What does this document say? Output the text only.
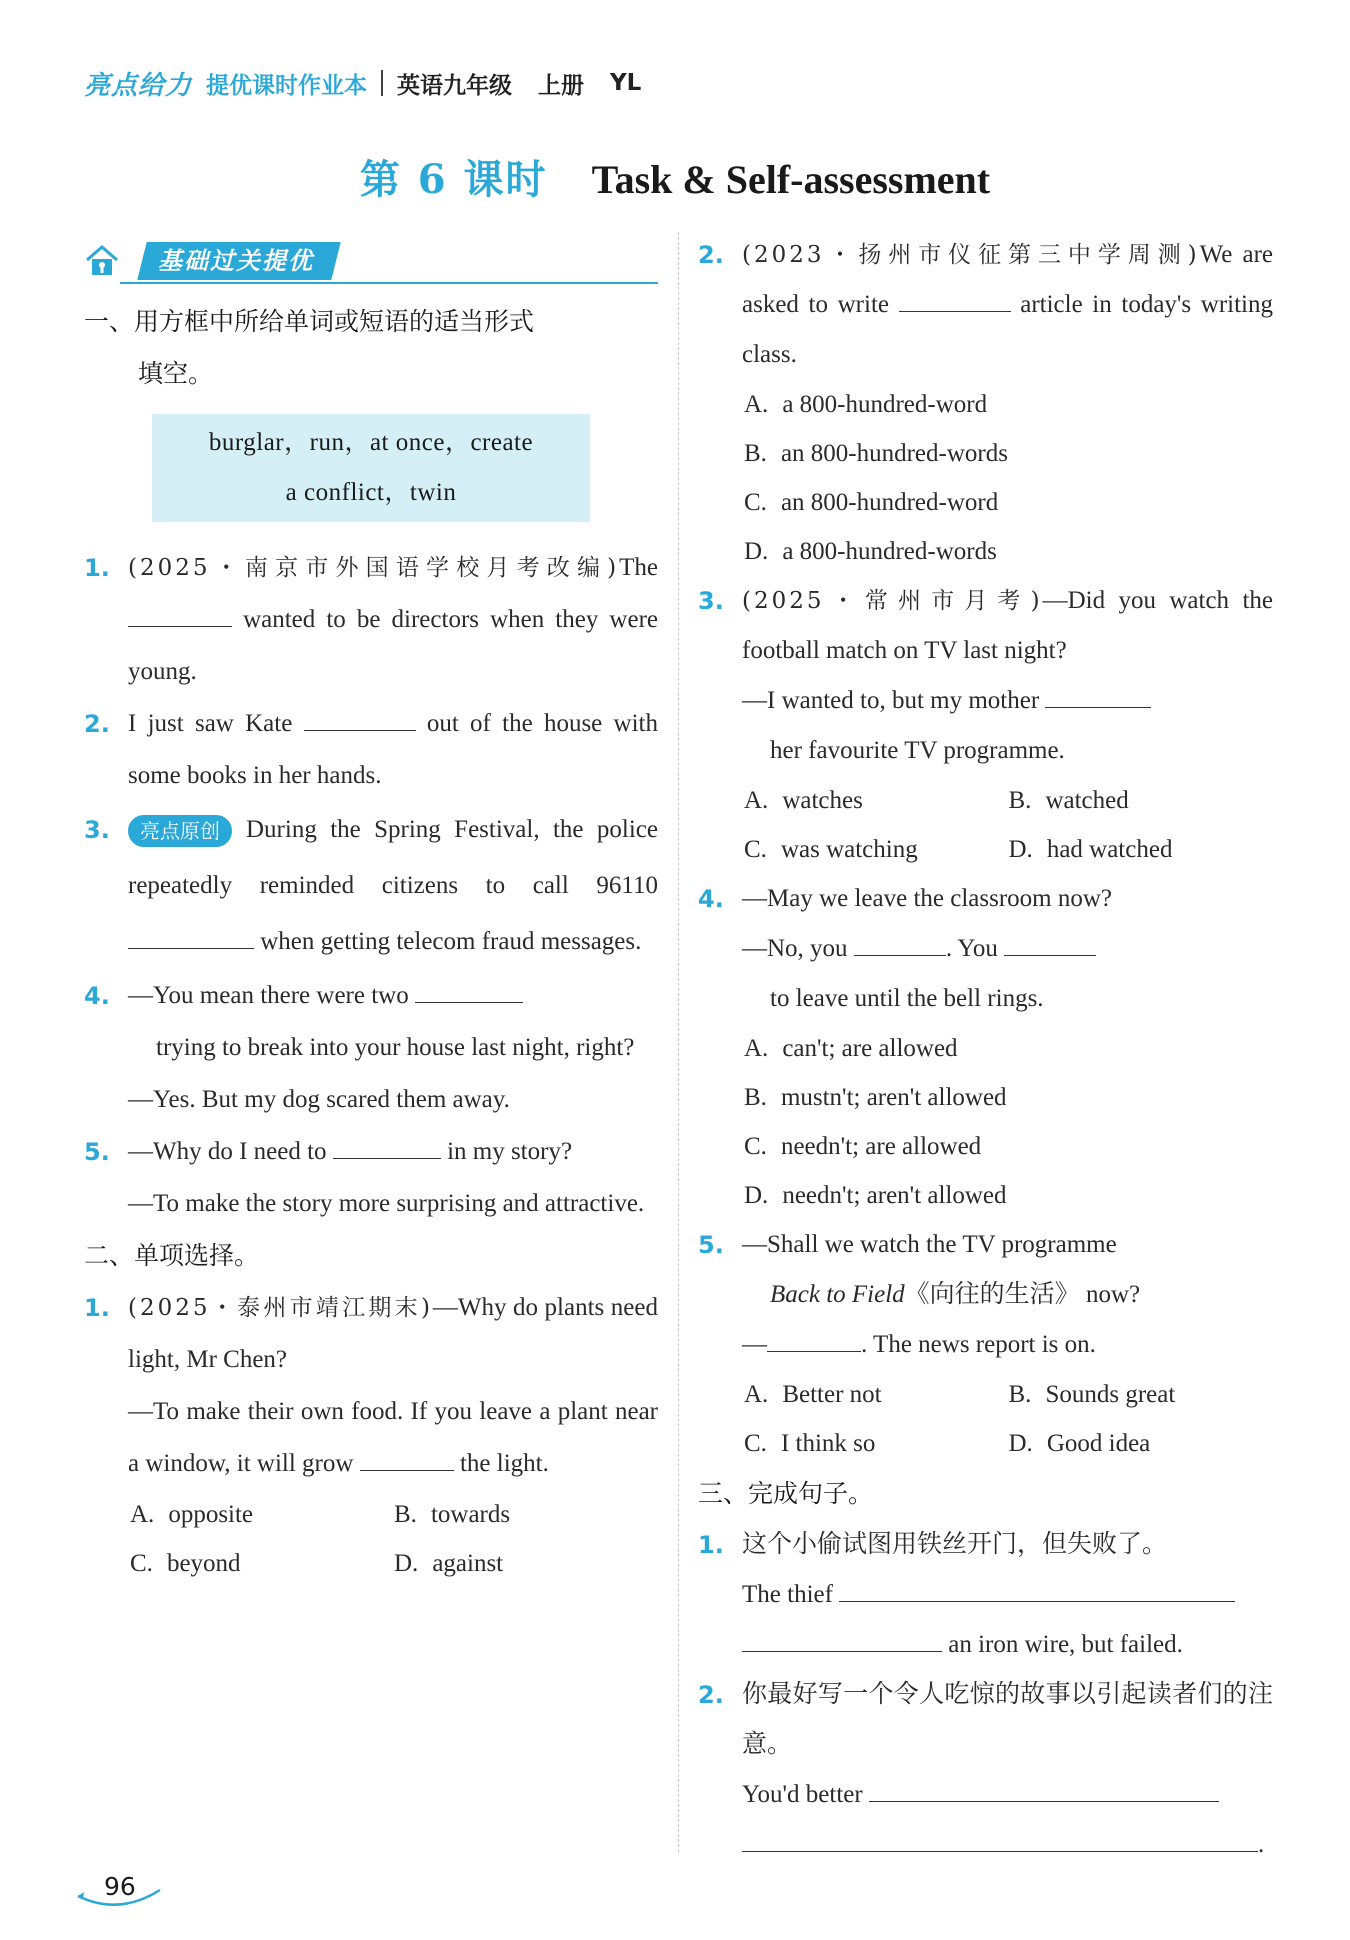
亮点给力 提优课时作业本 英语九年级 上册 YL
第 6 课时 Task & Self-assessment
基础过关提优
一、用方框中所给单词或短语的适当形式
填空。
burglar，run，at once，create
a conflict，twin
1. (2025・南京市外国语学校月考改编)The  wanted to be directors when they were young.
2. I just saw Kate	out of the house with some books in her hands.
3. 亮点原创 During the Spring Festival, the police repeatedly reminded citizens to call 96110  when getting telecom fraud messages.
4. —You mean there were two
trying to break into your house last night, right?
—Yes. But my dog scared them away.
5. —Why do I need to	in my story?
—To make the story more surprising and attractive.
二、单项选择。
1. (2025・泰州市靖江期末)—Why do plants need light, Mr Chen?
—To make their own food. If you leave a plant near a window, it will grow	the light.
A. opposite	B. towards
C. beyond	D. against
2. (2023・扬州市仪征第三中学周测)We are asked to write	article in today's writing class.
A. a 800-hundred-word
B. an 800-hundred-words
C. an 800-hundred-word
D. a 800-hundred-words
3. (2025・常州市月考)—Did you watch the football match on TV last night?
—I wanted to, but my mother
her favourite TV programme.
A. watches	B. watched
C. was watching	D. had watched
4. —May we leave the classroom now?
—No, you	. You
to leave until the bell rings.
A. can't; are allowed
B. mustn't; aren't allowed
C. needn't; are allowed
D. needn't; aren't allowed
5. —Shall we watch the TV programme
Back to Field《向往的生活》 now?
—	. The news report is on.
A. Better not	B. Sounds great
C. I think so	D. Good idea
三、完成句子。
1. 这个小偷试图用铁丝开门，但失败了。
The thief
an iron wire, but failed.
2. 你最好写一个令人吃惊的故事以引起读者们的注意。
You'd better
.
96
